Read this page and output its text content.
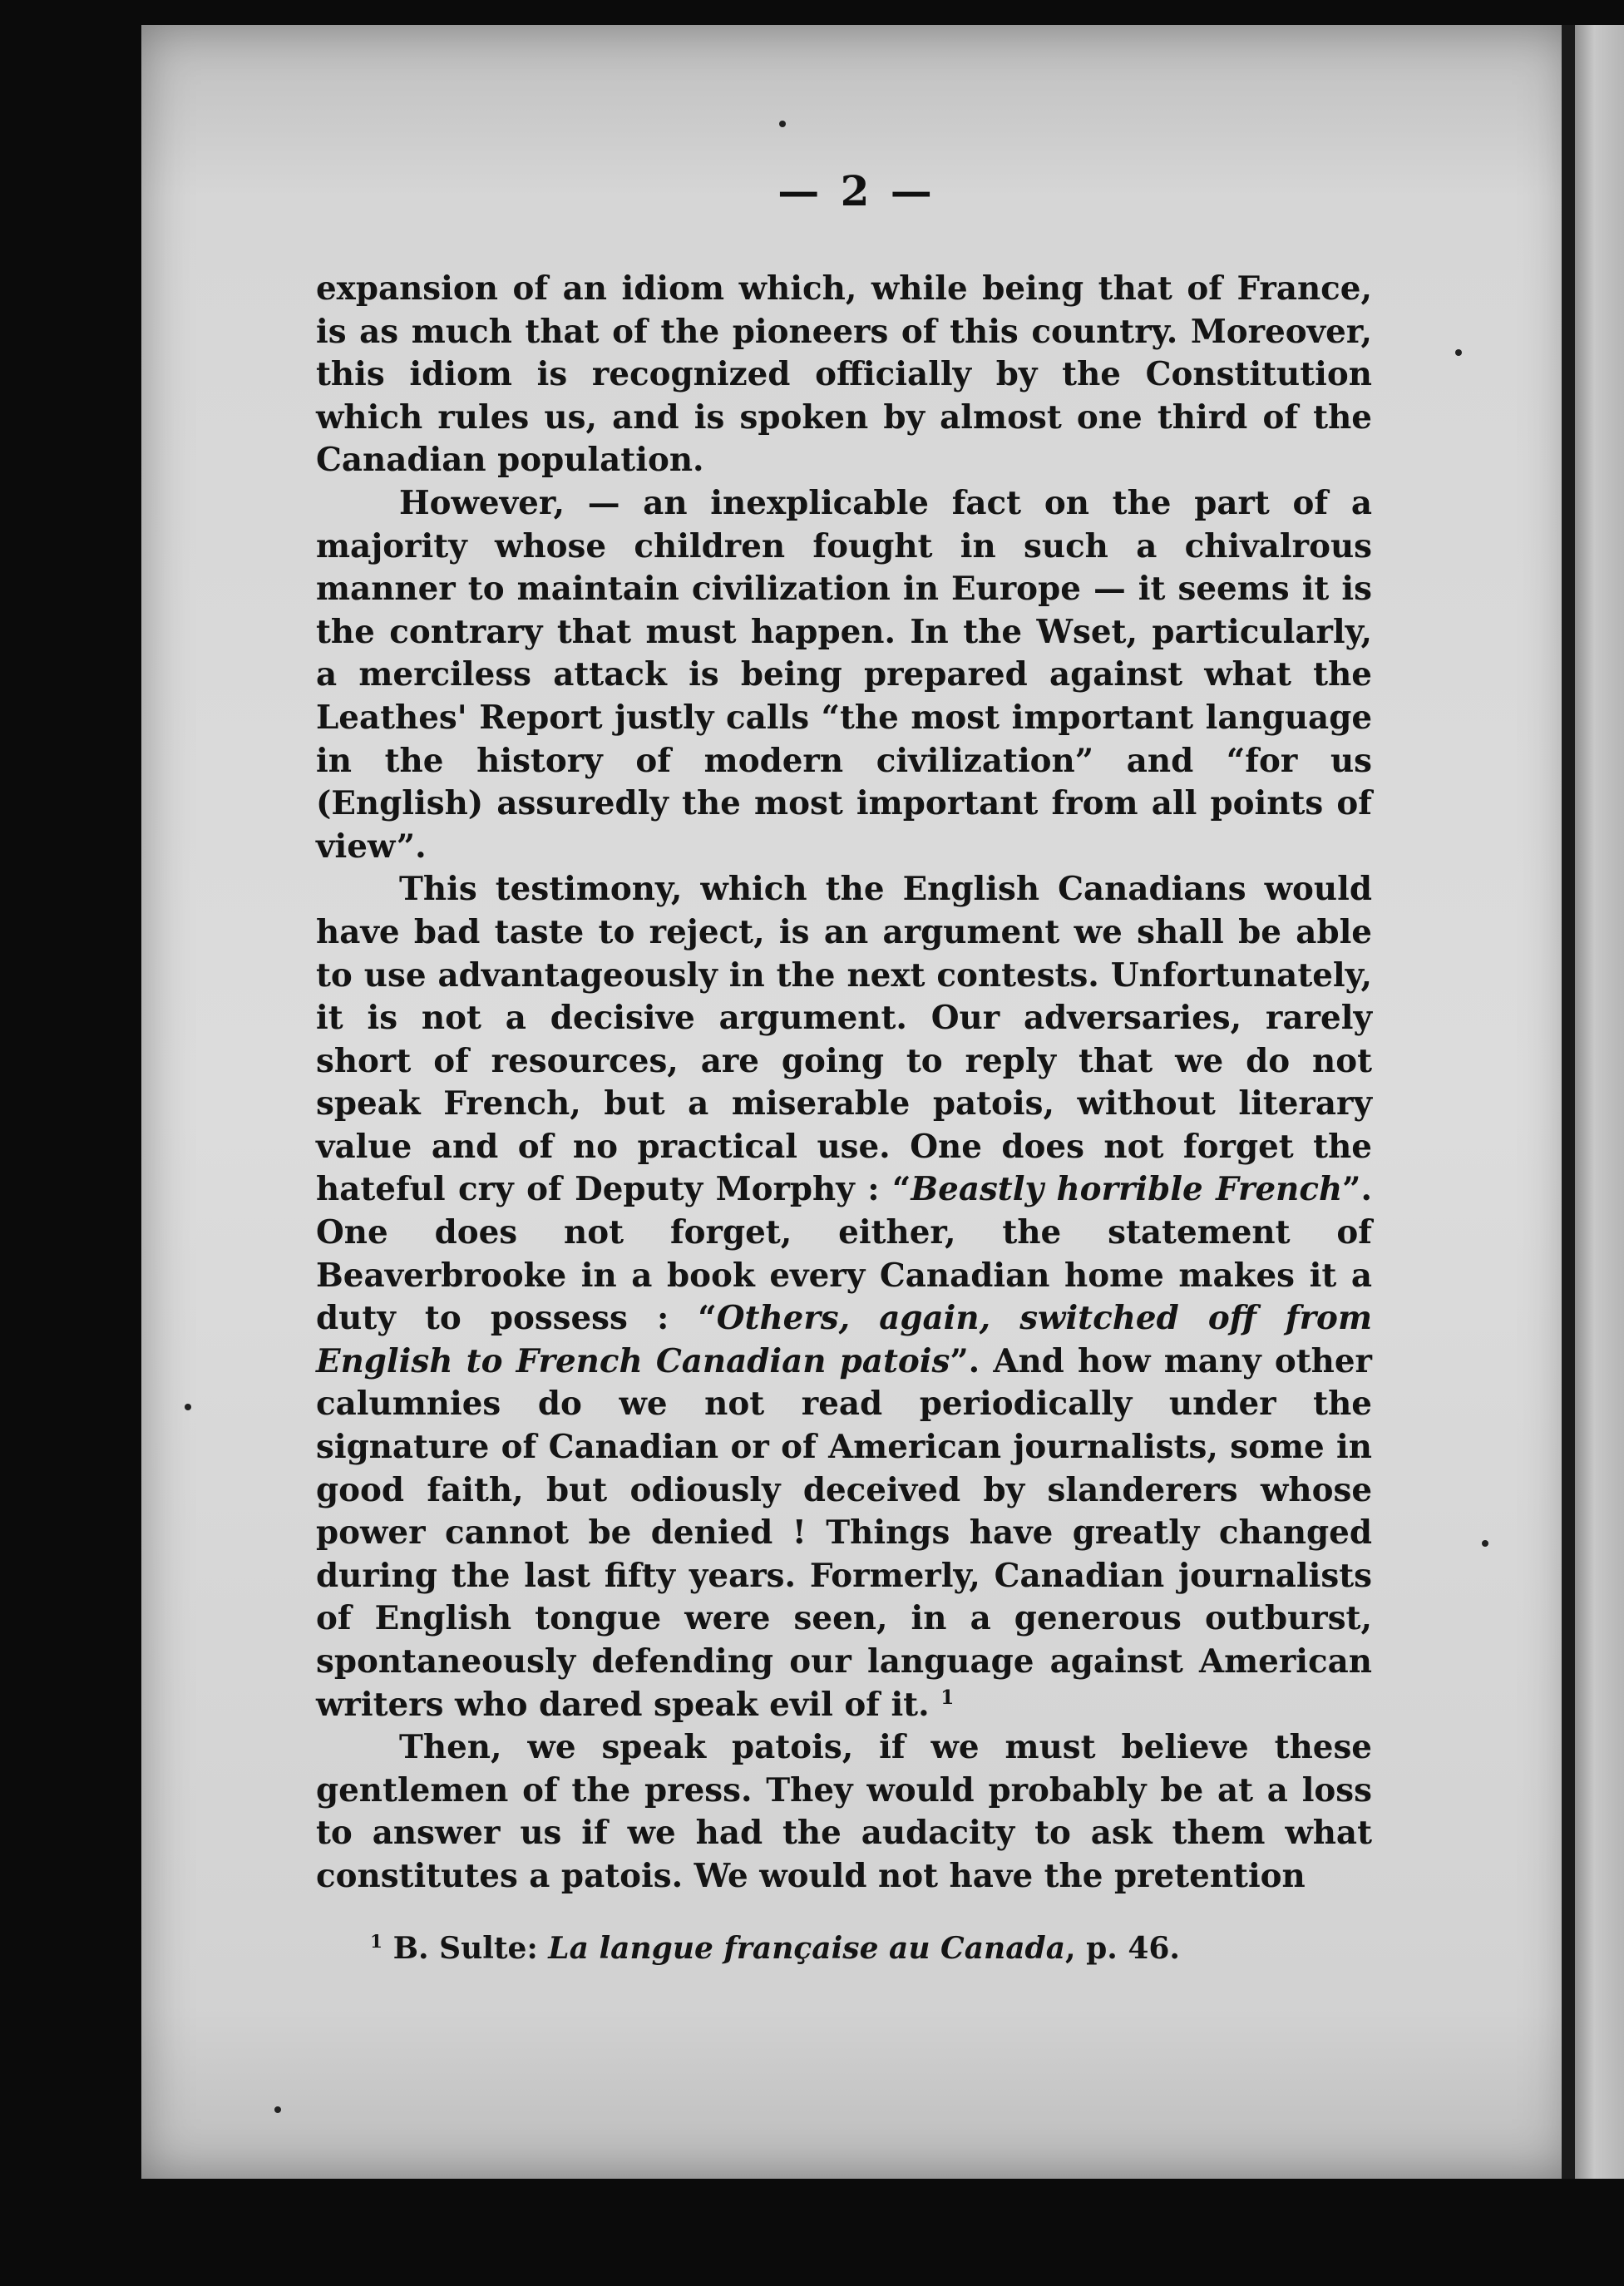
— 2 —

expansion of an idiom which, while being that of France, is as much that of the pioneers of this country. Moreover, this idiom is recognized officially by the Constitution which rules us, and is spoken by almost one third of the Canadian population.

However, — an inexplicable fact on the part of a majority whose children fought in such a chivalrous manner to maintain civilization in Europe — it seems it is the contrary that must happen. In the Wset, particularly, a merciless attack is being prepared against what the Leathes' Report justly calls “the most important language in the history of modern civilization” and “for us (English) assuredly the most important from all points of view”.

This testimony, which the English Canadians would have bad taste to reject, is an argument we shall be able to use advantageously in the next contests. Unfortunately, it is not a decisive argument. Our adversaries, rarely short of resources, are going to reply that we do not speak French, but a miserable patois, without literary value and of no practical use. One does not forget the hateful cry of Deputy Morphy : “Beastly horrible French”. One does not forget, either, the statement of Beaverbrooke in a book every Canadian home makes it a duty to possess : “Others, again, switched off from English to French Canadian patois”. And how many other calumnies do we not read periodically under the signature of Canadian or of American journalists, some in good faith, but odiously deceived by slanderers whose power cannot be denied ! Things have greatly changed during the last fifty years. Formerly, Canadian journalists of English tongue were seen, in a generous outburst, spontaneously defending our language against American writers who dared speak evil of it. $^1$

Then, we speak patois, if we must believe these gentlemen of the press. They would probably be at a loss to answer us if we had the audacity to ask them what constitutes a patois. We would not have the pretention

$^1$ B. Sulte: La langue française au Canada, p. 46.
